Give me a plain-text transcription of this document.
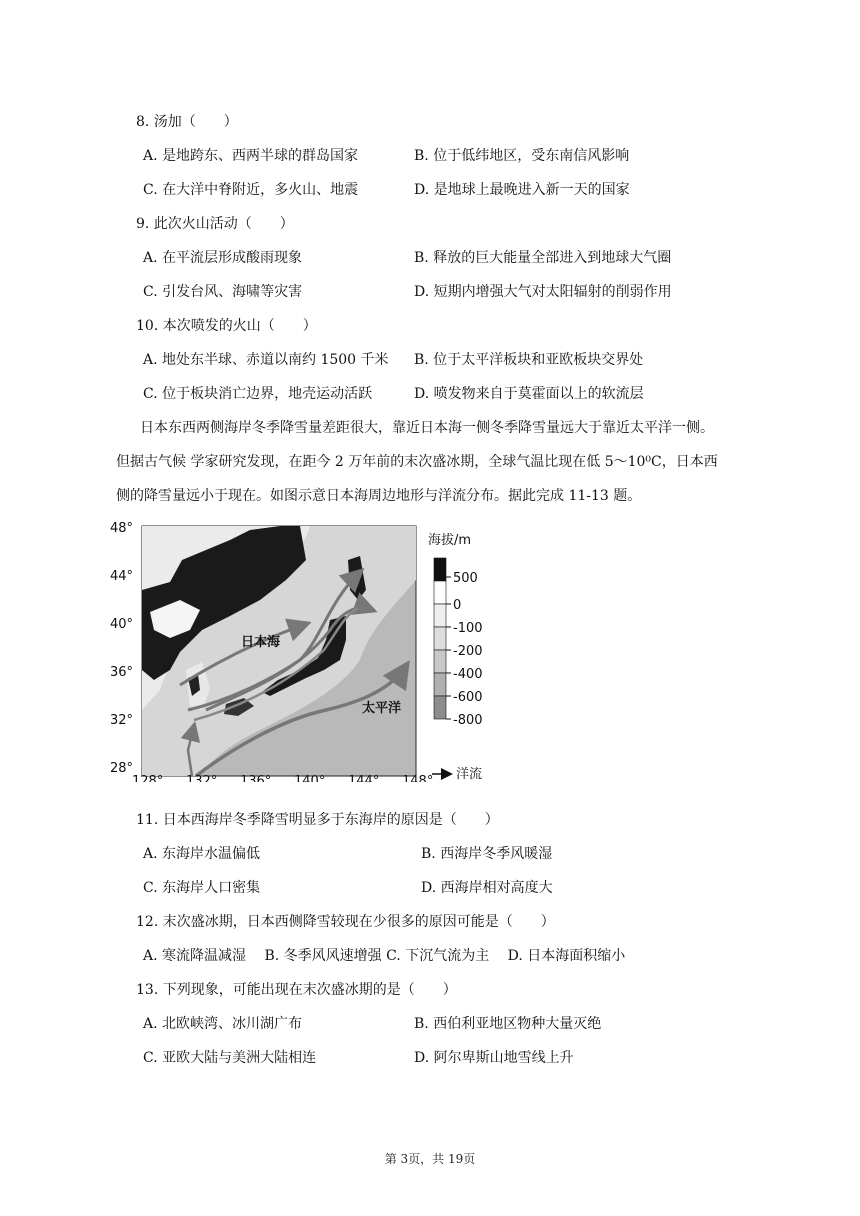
8. 汤加（　　）
A. 是地跨东、西两半球的群岛国家	B. 位于低纬地区，受东南信风影响
C. 在大洋中脊附近，多火山、地震	D. 是地球上最晚进入新一天的国家
9. 此次火山活动（　　）
A. 在平流层形成酸雨现象	B. 释放的巨大能量全部进入到地球大气圈
C. 引发台风、海啸等灾害	D. 短期内增强大气对太阳辐射的削弱作用
10. 本次喷发的火山（　　）
A. 地处东半球、赤道以南约 1500 千米 B. 位于太平洋板块和亚欧板块交界处
C. 位于板块消亡边界，地壳运动活跃	D. 喷发物来自于莫霍面以上的软流层
日本东西两侧海岸冬季降雪量差距很大，靠近日本海一侧冬季降雪量远大于靠近太平洋一侧。
但据古气候 学家研究发现，在距今 2 万年前的末次盛冰期，全球气温比现在低 5～10⁰C，日本西
侧的降雪量远小于现在。如图示意日本海周边地形与洋流分布。据此完成 11-13 题。
日本海
太平洋
48°
44°
40°
36°
32°
28°
128° 132° 136° 140° 144° 148°
海拔/m
500
0
-100
-200
-400
-600
-800
洋流
11. 日本西海岸冬季降雪明显多于东海岸的原因是（　　）
A. 东海岸水温偏低	B. 西海岸冬季风暖湿
C. 东海岸人口密集	D. 西海岸相对高度大
12. 末次盛冰期，日本西侧降雪较现在少很多的原因可能是（　　）
A. 寒流降温减湿　 B. 冬季风风速增强 C. 下沉气流为主　 D. 日本海面积缩小
13. 下列现象，可能出现在末次盛冰期的是（　　）
A. 北欧峡湾、冰川湖广布	B. 西伯利亚地区物种大量灭绝
C. 亚欧大陆与美洲大陆相连	D. 阿尔卑斯山地雪线上升
第 3页，共 19页
